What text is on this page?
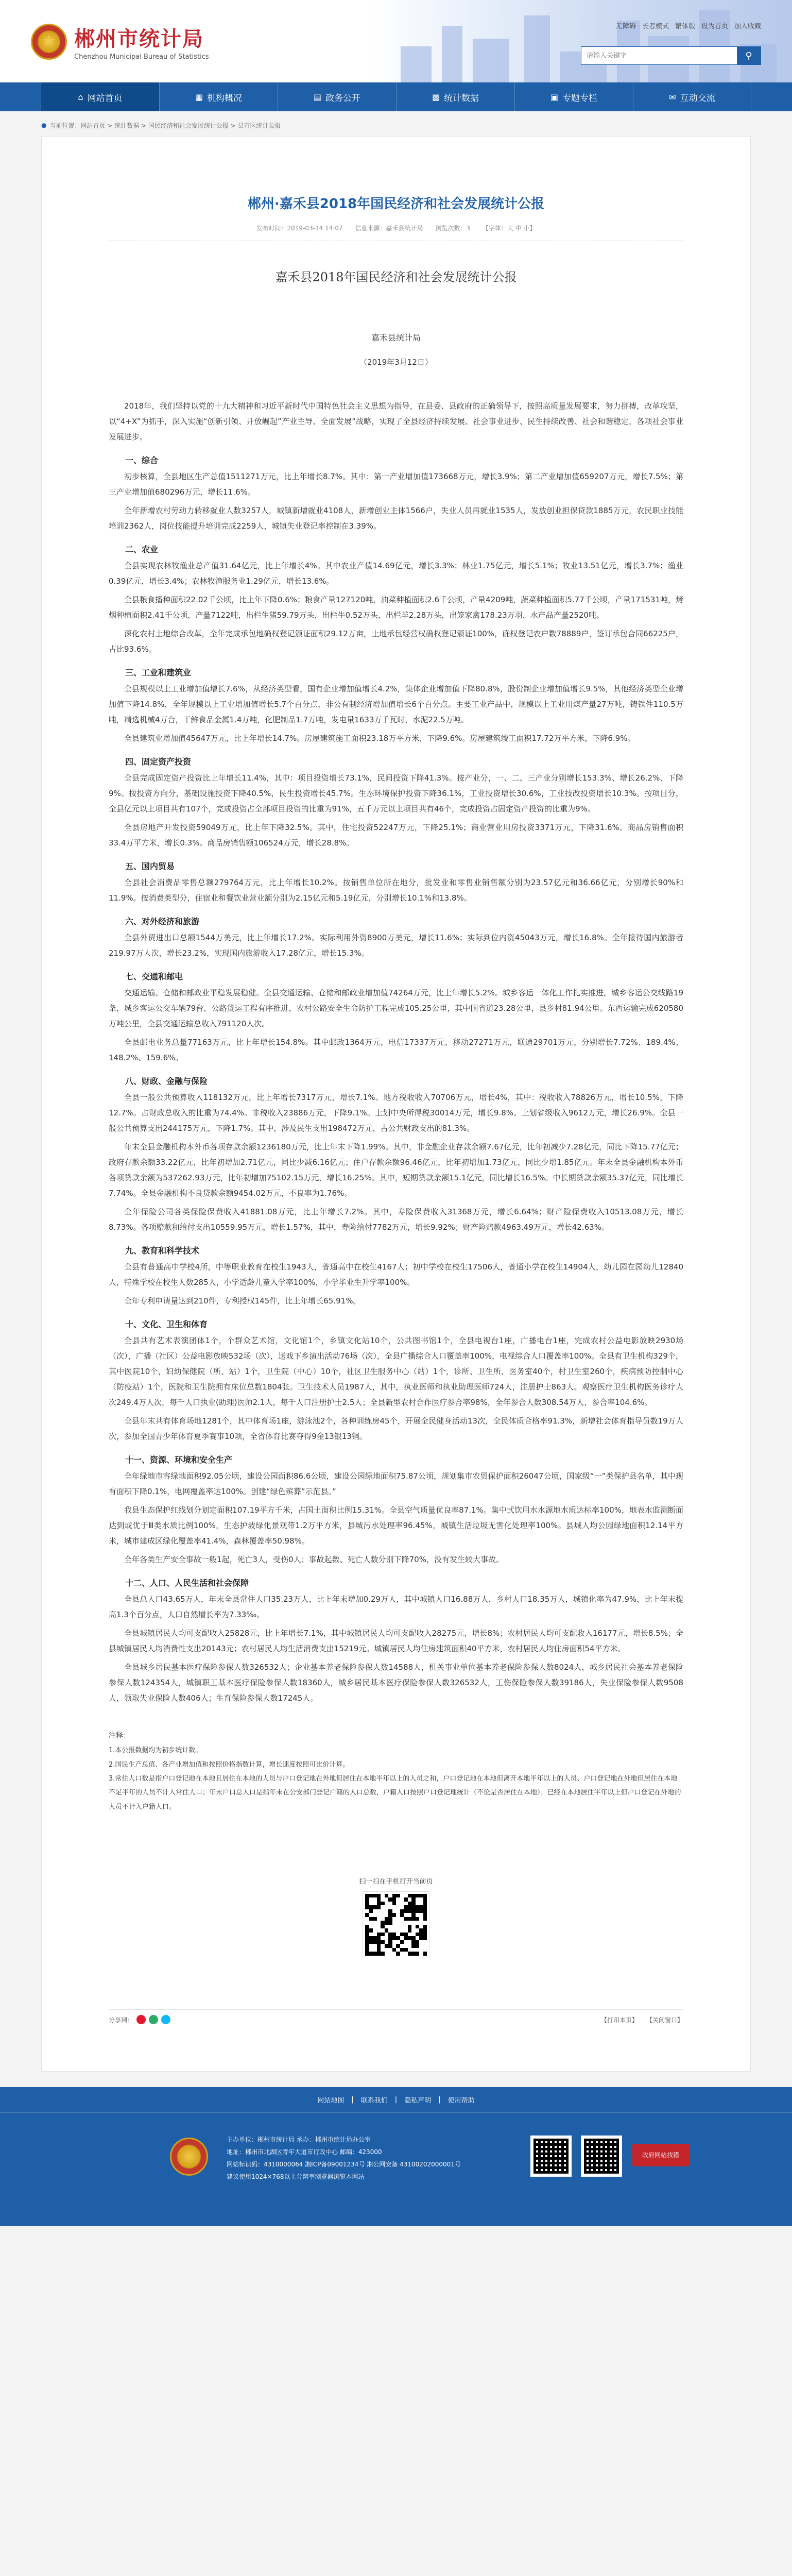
★
郴州市统计局
Chenzhou Municipal Bureau of Statistics
无障碍 长者模式 繁体版 设为首页 加入收藏
请输入关键字
⚲
⌂ 网站首页	▦ 机构概况	▤ 政务公开	▩ 统计数据	▣ 专题专栏	✉ 互动交流
● 当前位置：网站首页 > 统计数据 > 国民经济和社会发展统计公报 > 县市区统计公报
郴州·嘉禾县2018年国民经济和社会发展统计公报
发布时间：2019-03-14 14:07 信息来源：嘉禾县统计局 浏览次数：3 【字体：大 中 小】
嘉禾县2018年国民经济和社会发展统计公报
嘉禾县统计局
（2019年3月12日）
2018年，我们坚持以党的十九大精神和习近平新时代中国特色社会主义思想为指导，在县委、县政府的正确领导下，按照高质量发展要求，努力拼搏，改革攻坚，以“4+X”为抓手，深入实施“创新引领、开放崛起”产业主导、全面发展”战略，实现了全县经济持续发展、社会事业进步、民生持续改善、社会和谐稳定，各项社会事业发展进步。
一、综合
初步核算，全县地区生产总值1511271万元，比上年增长8.7%。其中：第一产业增加值173668万元，增长3.9%；第二产业增加值659207万元，增长7.5%；第三产业增加值680296万元，增长11.6%。
全年新增农村劳动力转移就业人数3257人，城镇新增就业4108人，新增创业主体1566户，失业人员再就业1535人，发放创业担保贷款1885万元，农民职业技能培训2362人，岗位技能提升培训完成2259人，城镇失业登记率控制在3.39%。
二、农业
全县实现农林牧渔业总产值31.64亿元，比上年增长4%。其中农业产值14.69亿元，增长3.3%；林业1.75亿元，增长5.1%；牧业13.51亿元，增长3.7%；渔业0.39亿元，增长3.4%；农林牧渔服务业1.29亿元，增长13.6%。
全县粮食播种面积22.02千公顷，比上年下降0.6%；粮食产量127120吨，油菜种植面积2.6千公顷，产量4209吨，蔬菜种植面积5.77千公顷，产量171531吨，烤烟种植面积2.41千公顷，产量7122吨，出栏生猪59.79万头，出栏牛0.52万头，出栏羊2.28万头，出笼家禽178.23万羽，水产品产量2520吨。
深化农村土地综合改革，全年完成承包地确权登记颁证面积29.12万亩，土地承包经营权确权登记颁证100%，确权登记农户数78889户，签订承包合同66225户，占比93.6%。
三、工业和建筑业
全县规模以上工业增加值增长7.6%，从经济类型看，国有企业增加值增长4.2%，集体企业增加值下降80.8%，股份制企业增加值增长9.5%，其他经济类型企业增加值下降14.8%，全年规模以上工业增加值增长5.7个百分点，非公有制经济增加值增长6个百分点。主要工业产品中，规模以上工业用煤产量27万吨，铸铁件110.5万吨，精选机械4万台，干鲜食品金属1.4万吨，化肥制品1.7万吨，发电量1633万千瓦时，水泥22.5万吨。
全县建筑业增加值45647万元，比上年增长14.7%。房屋建筑施工面积23.18万平方米，下降9.6%。房屋建筑竣工面积17.72万平方米，下降6.9%。
四、固定资产投资
全县完成固定资产投资比上年增长11.4%，其中：项目投资增长73.1%，民间投资下降41.3%。按产业分，一、二、三产业分别增长153.3%、增长26.2%、下降9%。按投资方向分，基础设施投资下降40.5%，民生投资增长45.7%。生态环境保护投资下降36.1%，工业投资增长30.6%，工业技改投资增长10.3%。按项目分，全县亿元以上项目共有107个，完成投资占全部项目投资的比重为91%，五千万元以上项目共有46个，完成投资占固定资产投资的比重为9%。
全县房地产开发投资59049万元，比上年下降32.5%。其中，住宅投资52247万元，下降25.1%；商业营业用房投资3371万元，下降31.6%。商品房销售面积33.4万平方米，增长0.3%。商品房销售额106524万元，增长28.8%。
五、国内贸易
全县社会消费品零售总额279764万元，比上年增长10.2%。按销售单位所在地分，批发业和零售业销售额分别为23.57亿元和36.66亿元，分别增长90%和11.9%。按消费类型分，住宿业和餐饮业营业额分别为2.15亿元和5.19亿元，分别增长10.1%和13.8%。
六、对外经济和旅游
全县外贸进出口总额1544万美元，比上年增长17.2%。实际利用外资8900万美元，增长11.6%；实际到位内资45043万元，增长16.8%。全年接待国内旅游者219.97万人次，增长23.2%，实现国内旅游收入17.28亿元，增长15.3%。
七、交通和邮电
交通运输、仓储和邮政业平稳发展稳健。全县交通运输、仓储和邮政业增加值74264万元，比上年增长5.2%。城乡客运一体化工作扎实推进，城乡客运公交线路19条，城乡客运公交车辆79台，公路货运工程有序推进，农村公路安全生命防护工程完成105.25公里，其中国省道23.28公里，县乡村81.94公里。东西运输完成620580万吨公里，全县交通运输总收入791120人次。
全县邮电业务总量77163万元，比上年增长154.8%。其中邮政1364万元，电信17337万元，移动27271万元，联通29701万元，分别增长7.72%、189.4%、148.2%、159.6%。
八、财政、金融与保险
全县一般公共预算收入118132万元，比上年增长7317万元，增长7.1%。地方税收收入70706万元，增长4%，其中：税收收入78826万元，增长10.5%，下降12.7%。占财政总收入的比重为74.4%。非税收入23886万元，下降9.1%。上划中央所得税30014万元，增长9.8%。上划省级收入9612万元，增长26.9%。全县一般公共预算支出244175万元，下降1.7%。其中，涉及民生支出198472万元，占公共财政支出的81.3%。
年末全县金融机构本外币各项存款余额1236180万元，比上年末下降1.99%。其中，非金融企业存款余额7.67亿元，比年初减少7.28亿元，同比下降15.77亿元；政府存款余额33.22亿元，比年初增加2.71亿元，同比少减6.16亿元；住户存款余额96.46亿元，比年初增加1.73亿元，同比少增1.85亿元。年末全县金融机构本外币各项贷款余额为537262.93万元，比年初增加75102.15万元，增长16.25%。其中，短期贷款余额15.1亿元，同比增长16.5%。中长期贷款余额35.37亿元，同比增长7.74%。全县金融机构不良贷款余额9454.02万元，不良率为1.76%。
全年保险公司各类保险保费收入41881.08万元，比上年增长7.2%。其中，寿险保费收入31368万元，增长6.64%；财产险保费收入10513.08万元，增长8.73%。各项赔款和给付支出10559.95万元，增长1.57%，其中，寿险给付7782万元，增长9.92%；财产险赔款4963.49万元，增长42.63%。
九、教育和科学技术
全县有普通高中学校4所，中等职业教育在校生1943人，普通高中在校生4167人；初中学校在校生17506人，普通小学在校生14904人，幼儿园在园幼儿12840人，特殊学校在校生人数285人，小学适龄儿童入学率100%，小学毕业生升学率100%。
全年专利申请量达到210件，专利授权145件，比上年增长65.91%。
十、文化、卫生和体育
全县共有艺术表演团体1个，个群众艺术馆，文化馆1个，乡镇文化站10个，公共图书馆1个，全县电视台1座，广播电台1座，完成农村公益电影放映2930场（次），广播（社区）公益电影放映532场（次），送戏下乡演出活动76场（次），全县广播综合人口覆盖率100%，电视综合人口覆盖率100%。全县有卫生机构329个，其中医院10个，妇幼保健院（所、站）1个，卫生院（中心）10个，社区卫生服务中心（站）1个，诊所、卫生所、医务室40个，村卫生室260个，疾病预防控制中心（防疫站）1个，医院和卫生院拥有床位总数1804张。卫生技术人员1987人，其中，执业医师和执业助理医师724人，注册护士863人。观察医疗卫生机构医务诊疗人次249.4万人次，每千人口执业(助理)医师2.1人，每千人口注册护士2.5人；全县新型农村合作医疗参合率98%，全年参合人数308.54万人，参合率104.6%。
全县年末共有体育场地1281个，其中体育场1座，游泳池2个，各种训练房45个，开展全民健身活动13次，全民体质合格率91.3%，新增社会体育指导员数19万人次，参加全国青少年体育夏季赛事10项，全省体育比赛夺得9金13银13铜。
十一、资源、环境和安全生产
全年绿地市容绿地面积92.05公顷，建设公园面积86.6公顷，建设公园绿地面积75.87公顷，规划集市农贸保护面积26047公顷，国家级“一”类保护县名单，其中现有面积下降0.1%，电网覆盖率达100%。创建“绿色殡葬”示范县。”
我县生态保护红线划分划定面积107.19平方千米，占国土面积比例15.31%。全县空气质量优良率87.1%。集中式饮用水水源地水质达标率100%，地表水监测断面达到或优于Ⅲ类水质比例100%，生态护坡绿化景观带1.2万平方米，县城污水处理率96.45%，城镇生活垃圾无害化处理率100%。县城人均公园绿地面积12.14平方米，城市建成区绿化覆盖率41.4%，森林覆盖率50.98%。
全年各类生产安全事故一般1起，死亡3人，受伤0人；事故起数、死亡人数分别下降70%，没有发生较大事故。
十二、人口、人民生活和社会保障
全县总人口43.65万人，年末全县常住人口35.23万人，比上年末增加0.29万人，其中城镇人口16.88万人，乡村人口18.35万人，城镇化率为47.9%，比上年末提高1.3个百分点，人口自然增长率为7.33‰。
全县城镇居民人均可支配收入25828元，比上年增长7.1%，其中城镇居民人均可支配收入28275元，增长8%；农村居民人均可支配收入16177元，增长8.5%；全县城镇居民人均消费性支出20143元；农村居民人均生活消费支出15219元。城镇居民人均住房建筑面积40平方米，农村居民人均住房面积54平方米。
全县城乡居民基本医疗保险参保人数326532人；企业基本养老保险参保人数14588人，机关事业单位基本养老保险参保人数8024人，城乡居民社会基本养老保险参保人数124354人，城镇职工基本医疗保险参保人数18360人，城乡居民基本医疗保险参保人数326532人，工伤保险参保人数39186人，失业保险参保人数9508人，领取失业保险人数406人；生育保险参保人数17245人。
注释：
1.本公报数据均为初步统计数。
2.国民生产总值、各产业增加值和按照价格指数计算，增长速度按照可比价计算。
3.常住人口数是指户口登记地在本地且居住在本地的人员与户口登记地在外地但居住在本地半年以上的人员之和，户口登记地在本地但离开本地半年以上的人员、户口登记地在外地但居住在本地不足半年的人员不计入常住人口；年末户口总人口是指年末在公安部门登记户籍的人口总数，户籍人口按照户口登记地统计（不论是否居住在本地）；已经在本地居住半年以上但户口登记在外地的人员不计入户籍人口。
扫一扫在手机打开当前页
分享到：	【打印本页】 【关闭窗口】
网站地图 | 联系我们 | 隐私声明 | 使用帮助
主办单位：郴州市统计局 承办：郴州市统计局办公室
地址：郴州市北湖区青年大道市行政中心 邮编：423000
网站标识码：4310000064 湘ICP备09001234号 湘公网安备 43100202000001号
建议使用1024×768以上分辨率浏览器浏览本网站
政府网站找错
